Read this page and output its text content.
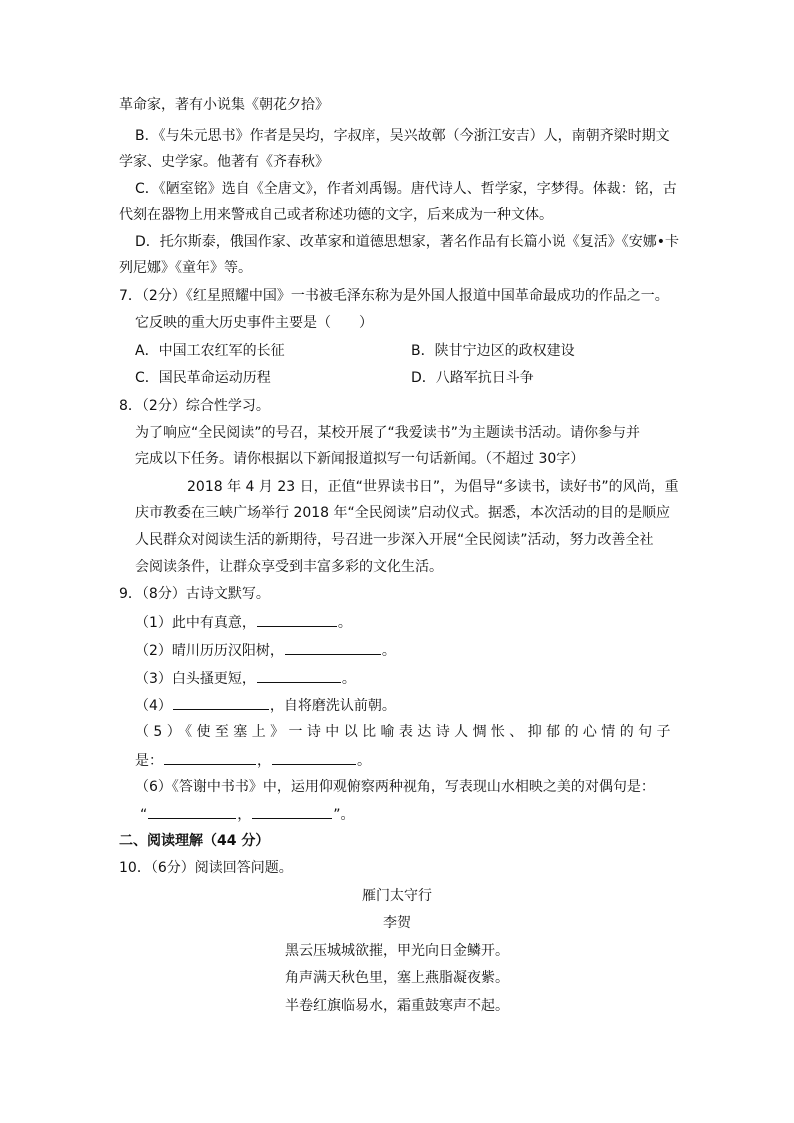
革命家，著有小说集《朝花夕拾》
B．《与朱元思书》作者是吴均，字叔庠，吴兴故鄣（今浙江安吉）人，南朝齐梁时期文
学家、史学家。他著有《齐春秋》
C．《陋室铭》选自《全唐文》，作者刘禹锡。唐代诗人、哲学家，字梦得。体裁：铭，古
代刻在器物上用来警戒自己或者称述功德的文字，后来成为一种文体。
D．托尔斯泰，俄国作家、改革家和道德思想家，著名作品有长篇小说《复活》《安娜•卡
列尼娜》《童年》等。
7．（2分）《红星照耀中国》一书被毛泽东称为是外国人报道中国革命最成功的作品之一。
它反映的重大历史事件主要是（　　）
A．中国工农红军的长征	B．陕甘宁边区的政权建设
C．国民革命运动历程	D．八路军抗日斗争
8．（2分）综合性学习。
为了响应“全民阅读”的号召，某校开展了“我爱读书”为主题读书活动。请你参与并
完成以下任务。请你根据以下新闻报道拟写一句话新闻。（不超过 30字）
2018 年 4 月 23 日，正值“世界读书日”，为倡导“多读书，读好书”的风尚，重
庆市教委在三峡广场举行 2018 年“全民阅读”启动仪式。据悉，本次活动的目的是顺应
人民群众对阅读生活的新期待，号召进一步深入开展“全民阅读”活动，努力改善全社
会阅读条件，让群众享受到丰富多彩的文化生活。
9．（8分）古诗文默写。
（1）此中有真意，	。
（2）晴川历历汉阳树，	。
（3）白头搔更短，	。
（4）	，自将磨洗认前朝。
（5）《使至塞上》一诗中以比喻表达诗人惆怅、抑郁的心情的句子
是：	，	。
（6）《答谢中书书》中，运用仰观俯察两种视角，写表现山水相映之美的对偶句是：
“	，	”。
二、阅读理解（44 分）
10．（6分）阅读回答问题。
雁门太守行
李贺
黑云压城城欲摧，甲光向日金鳞开。
角声满天秋色里，塞上燕脂凝夜紫。
半卷红旗临易水，霜重鼓寒声不起。
